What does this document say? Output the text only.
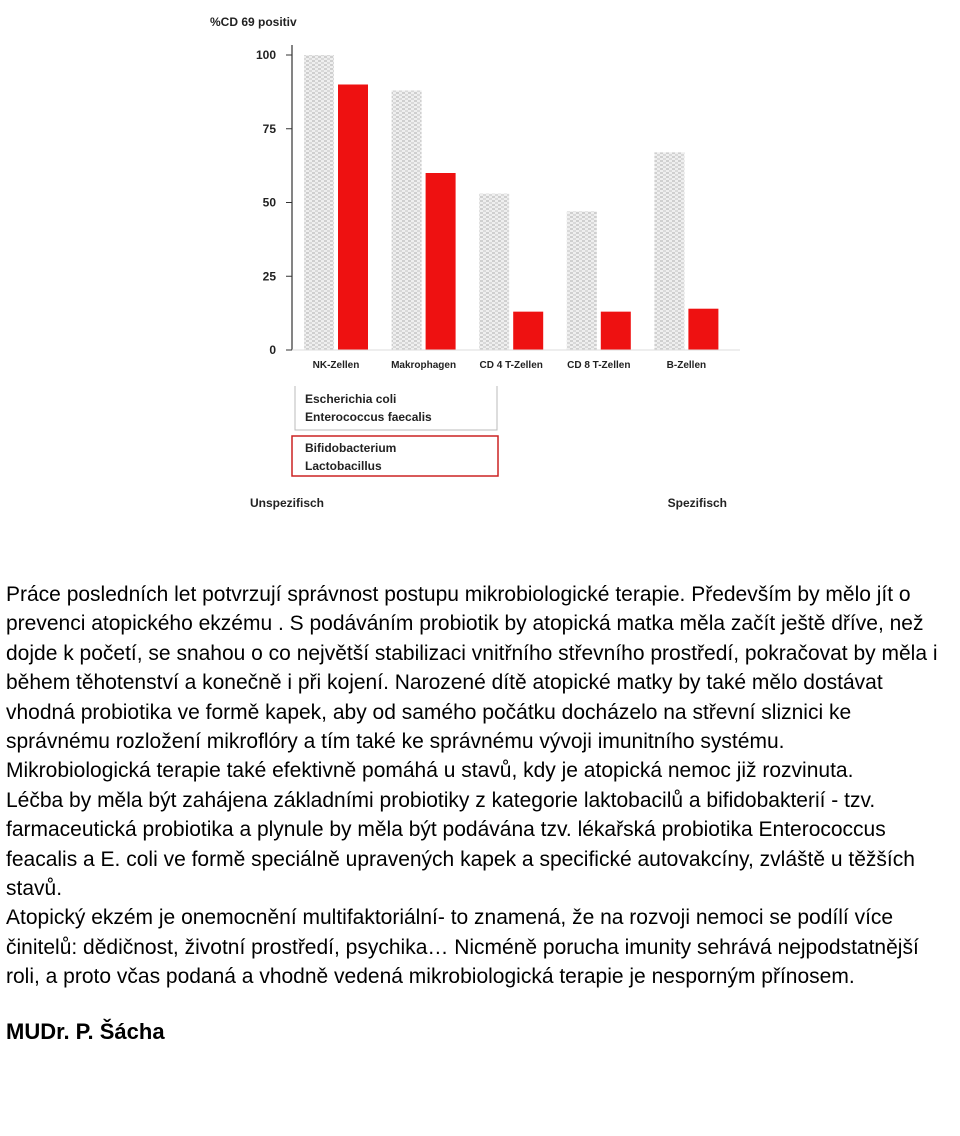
%CD 69 positiv
0
25
50
75
100
NK-Zellen	Makrophagen CD 4 T-Zellen CD 8 T-Zellen	B-Zellen
Escherichia coli
Enterococcus faecalis
Bifidobacterium
Lactobacillus
Unspezifisch	Spezifisch

Práce posledních let potvrzují správnost postupu mikrobiologické terapie. Především by mělo jít o prevenci atopického ekzému . S podáváním probiotik by atopická matka měla začít ještě dříve, než dojde k početí, se snahou o co největší stabilizaci vnitřního střevního prostředí, pokračovat by měla i během těhotenství a konečně i při kojení. Narozené dítě atopické matky by také mělo dostávat vhodná probiotika ve formě kapek, aby od samého počátku docházelo na střevní sliznici ke správnému rozložení mikroflóry a tím také ke správnému vývoji imunitního systému.

Mikrobiologická terapie také efektivně pomáhá u stavů, kdy je atopická nemoc již rozvinuta.

Léčba by měla být zahájena základními probiotiky z kategorie laktobacilů a bifidobakterií - tzv. farmaceutická probiotika a plynule by měla být podávána tzv. lékařská probiotika Enterococcus feacalis a E. coli ve formě speciálně upravených kapek a specifické autovakcíny, zvláště u těžších stavů.

Atopický ekzém je onemocnění multifaktoriální- to znamená, že na rozvoji nemoci se podílí více činitelů: dědičnost, životní prostředí, psychika… Nicméně porucha imunity sehrává nejpodstatnější roli, a proto včas podaná a vhodně vedená mikrobiologická terapie je nesporným přínosem.

MUDr. P. Šácha
